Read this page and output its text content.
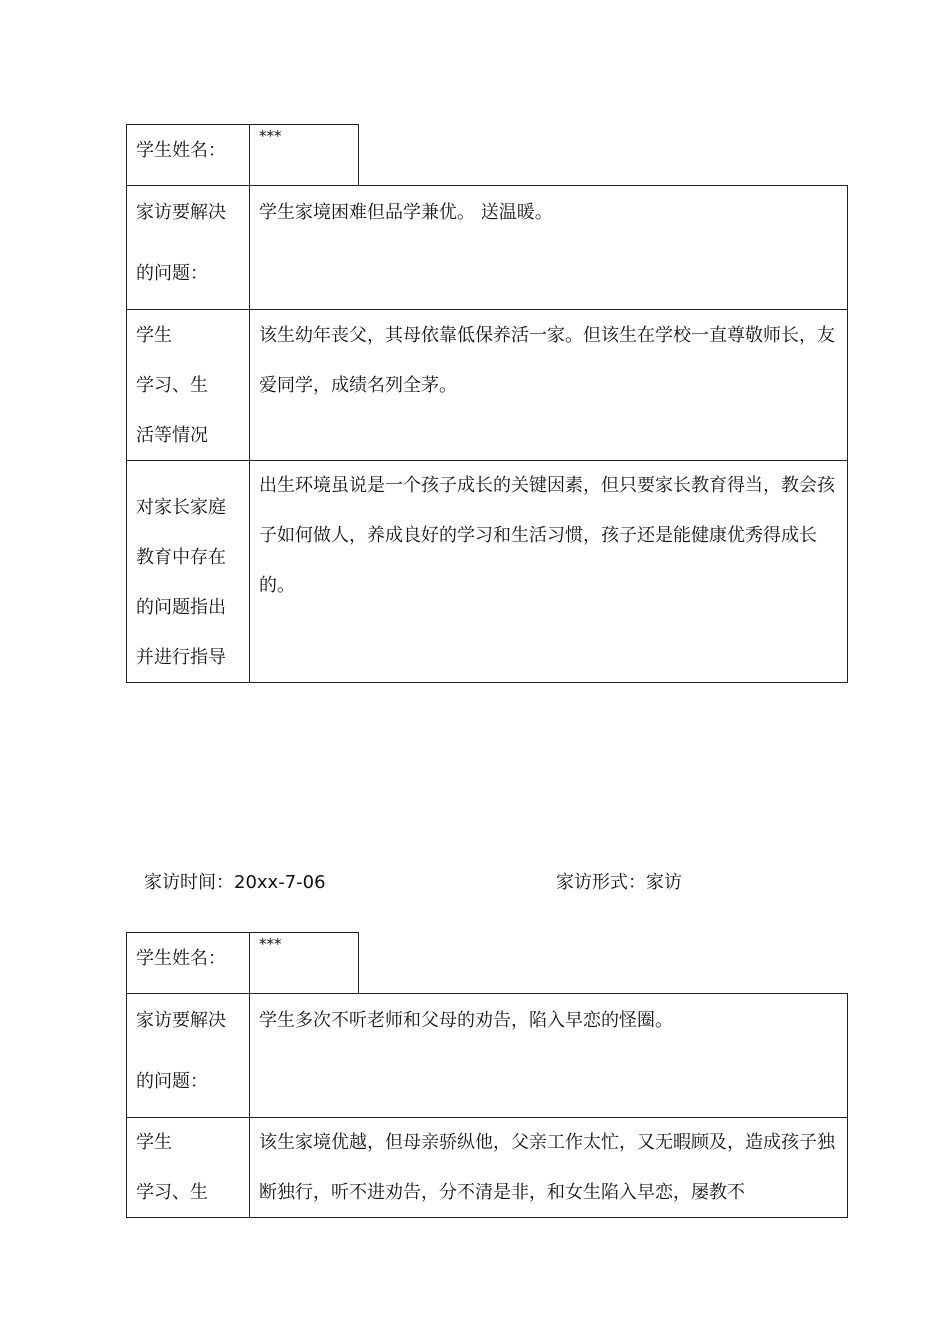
学生姓名：
***
家访要解决
的问题：
学生家境困难但品学兼优。 送温暖。
学生
学习、生
活等情况
该生幼年丧父，其母依靠低保养活一家。但该生在学校一直尊敬师长，友爱同学，成绩名列全茅。
对家长家庭
教育中存在
的问题指出
并进行指导
出生环境虽说是一个孩子成长的关键因素，但只要家长教育得当，教会孩子如何做人，养成良好的学习和生活习惯，孩子还是能健康优秀得成长的。
家访时间：20xx-7-06	家访形式：家访
学生姓名：
***
家访要解决
的问题：
学生多次不听老师和父母的劝告，陷入早恋的怪圈。
学生
学习、生
该生家境优越，但母亲骄纵他，父亲工作太忙，又无暇顾及，造成孩子独断独行，听不进劝告，分不清是非，和女生陷入早恋，屡教不
